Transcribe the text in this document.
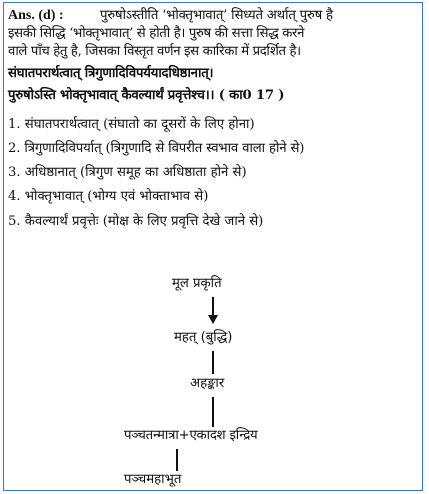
Ans. (d) :	पुरुषोऽस्तीति ‘भोक्तृभावात्’ सिध्यते अर्थात् पुरुष है
इसकी सिद्धि ‘भोक्तृभावात्’ से होती है। पुरुष की सत्ता सिद्ध करने
वाले पाँच हेतु है, जिसका विस्तृत वर्णन इस कारिका में प्रदर्शित है।
संघातपरार्थत्वात् त्रिगुणादिविपर्ययादधिष्ठानात्।
पुरुषोऽस्ति भोक्तृभावात् कैवल्यार्थं प्रवृत्तेश्च।। ( का0 17 )
1. संघातपरार्थत्वात् (संघातो का दूसरों के लिए होना)
2. त्रिगुणादिविपर्यात् (त्रिगुणादि से विपरीत स्वभाव वाला होने से)
3. अधिष्ठानात् (त्रिगुण समूह का अधिष्ठाता होने से)
4. भोक्तृभावात् (भोग्य एवं भोक्ताभाव से)
5. कैवल्यार्थं प्रवृत्तेः (मोक्ष के लिए प्रवृत्ति देखे जाने से)
मूल प्रकृति
महत् (बुद्धि)
अहङ्कार
पञ्चतन्मात्रा+एकादश इन्द्रिय
पञ्चमहाभूत
